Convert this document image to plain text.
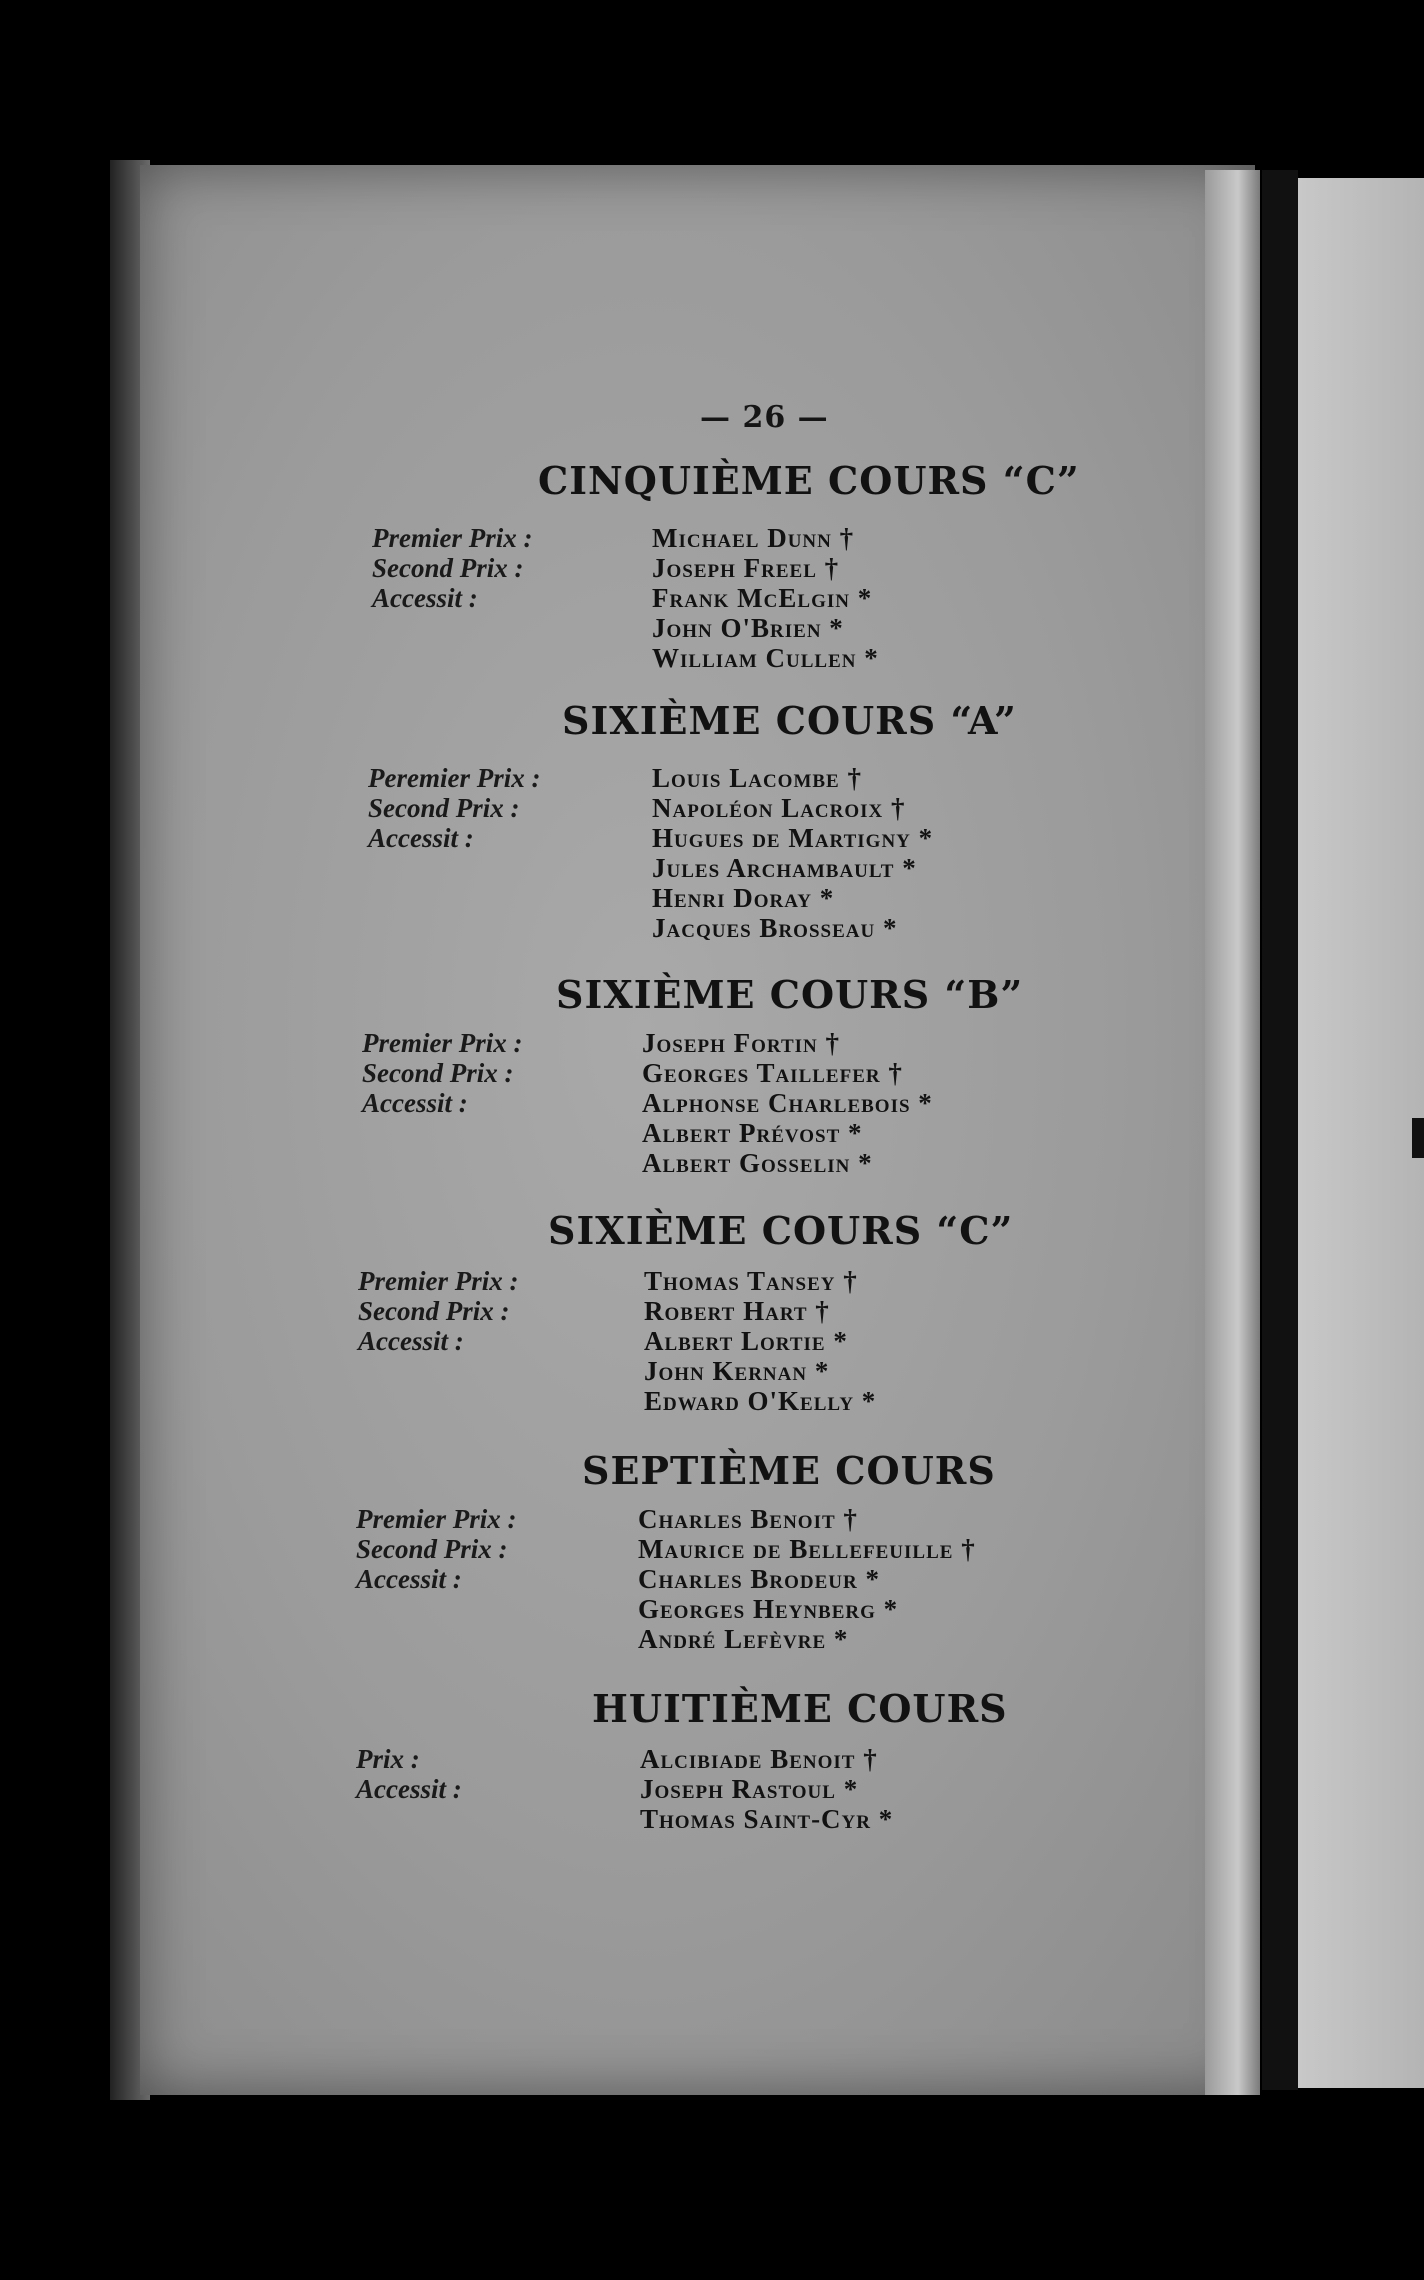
— 26 —
CINQUIÈME COURS “C”
Premier Prix :
Second Prix :
Accessit :
Michael Dunn †
Joseph Freel †
Frank McElgin *
John O'Brien *
William Cullen *
SIXIÈME COURS “A”
Peremier Prix :
Second Prix :
Accessit :
Louis Lacombe †
Napoléon Lacroix †
Hugues de Martigny *
Jules Archambault *
Henri Doray *
Jacques Brosseau *
SIXIÈME COURS “B”
Premier Prix :
Second Prix :
Accessit :
Joseph Fortin †
Georges Taillefer †
Alphonse Charlebois *
Albert Prévost *
Albert Gosselin *
SIXIÈME COURS “C”
Premier Prix :
Second Prix :
Accessit :
Thomas Tansey †
Robert Hart †
Albert Lortie *
John Kernan *
Edward O'Kelly *
SEPTIÈME COURS
Premier Prix :
Second Prix :
Accessit :
Charles Benoit †
Maurice de Bellefeuille †
Charles Brodeur *
Georges Heynberg *
André Lefèvre *
HUITIÈME COURS
Prix :
Accessit :
Alcibiade Benoit †
Joseph Rastoul *
Thomas Saint-Cyr *
